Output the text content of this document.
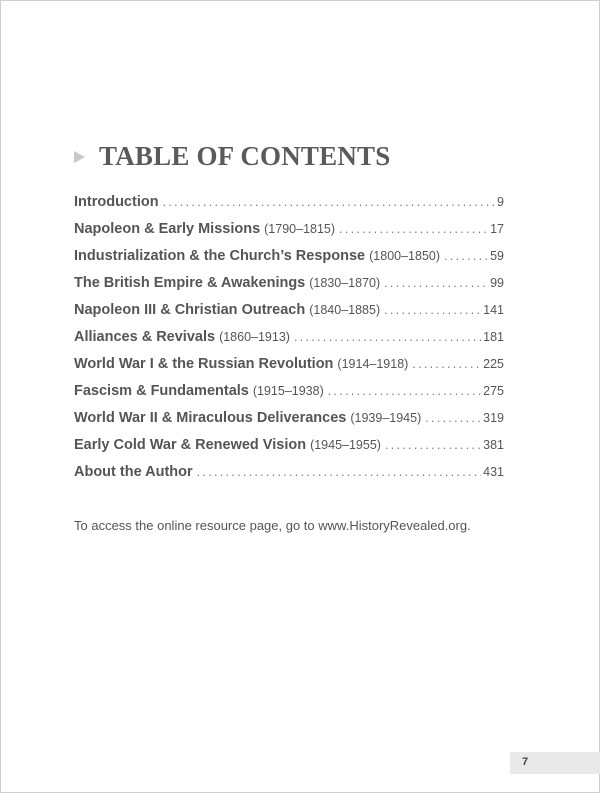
TABLE OF CONTENTS
Introduction .....	9
Napoleon & Early Missions (1790–1815) .....	17
Industrialization & the Church’s Response (1800–1850) .....	59
The British Empire & Awakenings (1830–1870) .....	99
Napoleon III & Christian Outreach (1840–1885) .....	141
Alliances & Revivals (1860–1913) .....	181
World War I & the Russian Revolution (1914–1918) .....	225
Fascism & Fundamentals (1915–1938) .....	275
World War II & Miraculous Deliverances (1939–1945) .....	319
Early Cold War & Renewed Vision (1945–1955) .....	381
About the Author .....	431
To access the online resource page, go to www.HistoryRevealed.org.
7
